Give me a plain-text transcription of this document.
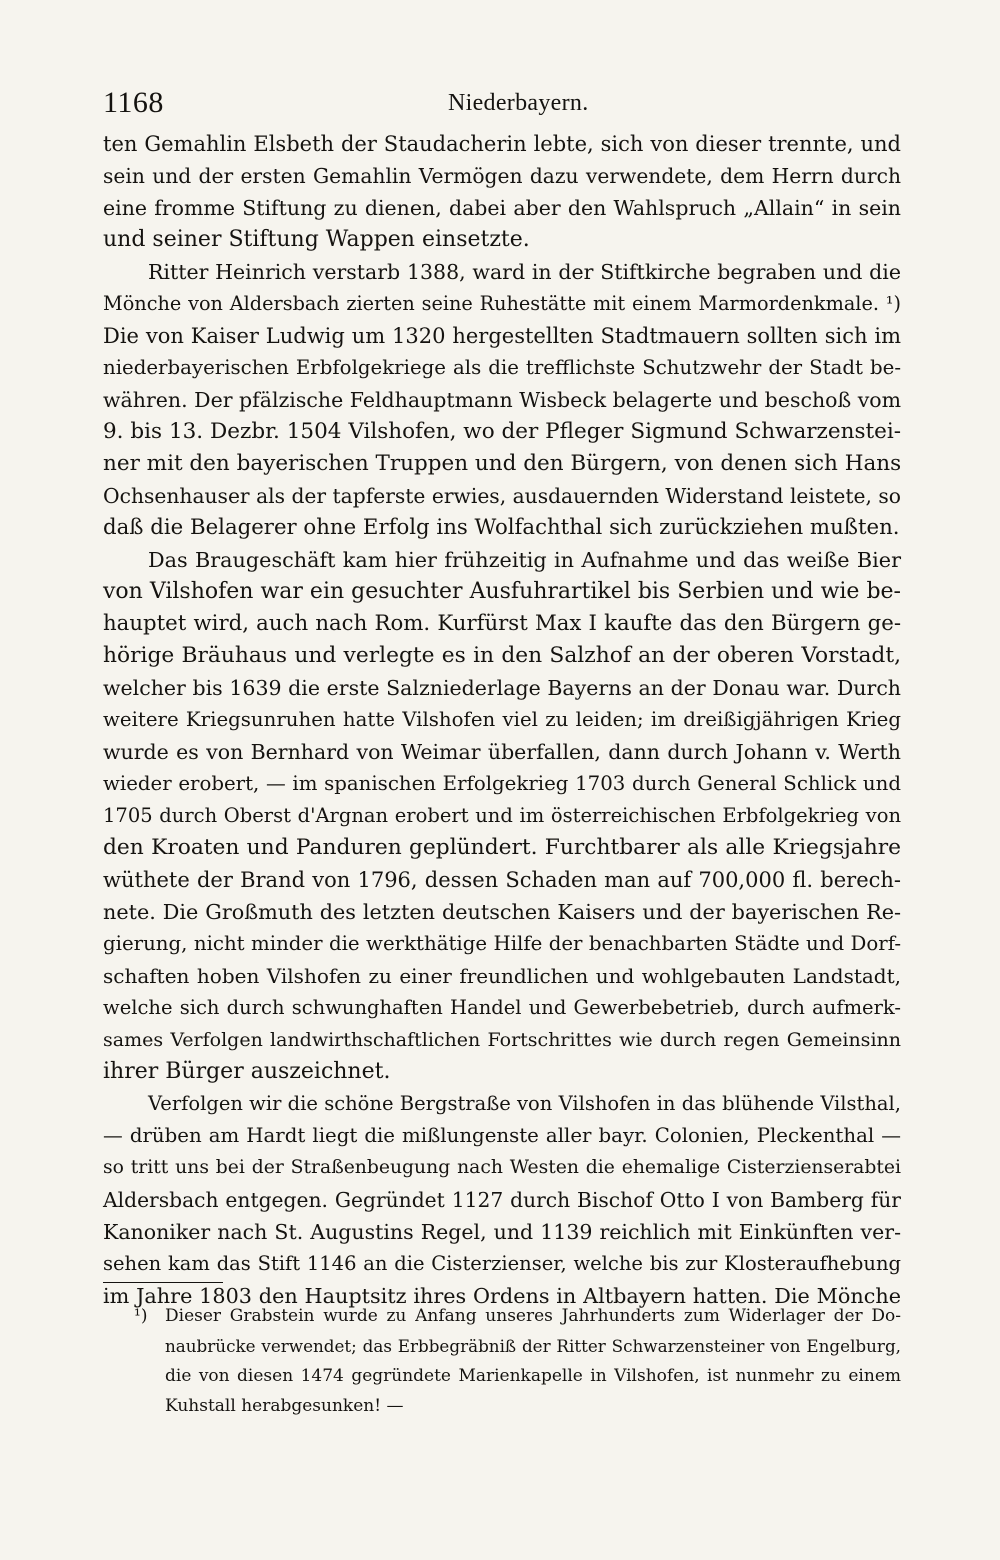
1168	Niederbayern.
ten Gemahlin Elsbeth der Staudacherin lebte, sich von dieser trennte, und
sein und der ersten Gemahlin Vermögen dazu verwendete, dem Herrn durch
eine fromme Stiftung zu dienen, dabei aber den Wahlspruch „Allain“ in sein
und seiner Stiftung Wappen einsetzte.
Ritter Heinrich verstarb 1388, ward in der Stiftkirche begraben und die
Mönche von Aldersbach zierten seine Ruhestätte mit einem Marmordenkmale. ¹)
Die von Kaiser Ludwig um 1320 hergestellten Stadtmauern sollten sich im
niederbayerischen Erbfolgekriege als die trefflichste Schutzwehr der Stadt be-
währen. Der pfälzische Feldhauptmann Wisbeck belagerte und beschoß vom
9. bis 13. Dezbr. 1504 Vilshofen, wo der Pfleger Sigmund Schwarzenstei-
ner mit den bayerischen Truppen und den Bürgern, von denen sich Hans
Ochsenhauser als der tapferste erwies, ausdauernden Widerstand leistete, so
daß die Belagerer ohne Erfolg ins Wolfachthal sich zurückziehen mußten.
Das Braugeschäft kam hier frühzeitig in Aufnahme und das weiße Bier
von Vilshofen war ein gesuchter Ausfuhrartikel bis Serbien und wie be-
hauptet wird, auch nach Rom. Kurfürst Max I kaufte das den Bürgern ge-
hörige Bräuhaus und verlegte es in den Salzhof an der oberen Vorstadt,
welcher bis 1639 die erste Salzniederlage Bayerns an der Donau war. Durch
weitere Kriegsunruhen hatte Vilshofen viel zu leiden; im dreißigjährigen Krieg
wurde es von Bernhard von Weimar überfallen, dann durch Johann v. Werth
wieder erobert, — im spanischen Erfolgekrieg 1703 durch General Schlick und
1705 durch Oberst d'Argnan erobert und im österreichischen Erbfolgekrieg von
den Kroaten und Panduren geplündert. Furchtbarer als alle Kriegsjahre
wüthete der Brand von 1796, dessen Schaden man auf 700,000 fl. berech-
nete. Die Großmuth des letzten deutschen Kaisers und der bayerischen Re-
gierung, nicht minder die werkthätige Hilfe der benachbarten Städte und Dorf-
schaften hoben Vilshofen zu einer freundlichen und wohlgebauten Landstadt,
welche sich durch schwunghaften Handel und Gewerbebetrieb, durch aufmerk-
sames Verfolgen landwirthschaftlichen Fortschrittes wie durch regen Gemeinsinn
ihrer Bürger auszeichnet.
Verfolgen wir die schöne Bergstraße von Vilshofen in das blühende Vilsthal,
— drüben am Hardt liegt die mißlungenste aller bayr. Colonien, Pleckenthal —
so tritt uns bei der Straßenbeugung nach Westen die ehemalige Cisterzienserabtei
Aldersbach entgegen. Gegründet 1127 durch Bischof Otto I von Bamberg für
Kanoniker nach St. Augustins Regel, und 1139 reichlich mit Einkünften ver-
sehen kam das Stift 1146 an die Cisterzienser, welche bis zur Klosteraufhebung
im Jahre 1803 den Hauptsitz ihres Ordens in Altbayern hatten. Die Mönche
¹) Dieser Grabstein wurde zu Anfang unseres Jahrhunderts zum Widerlager der Do-
naubrücke verwendet; das Erbbegräbniß der Ritter Schwarzensteiner von Engelburg,
die von diesen 1474 gegründete Marienkapelle in Vilshofen, ist nunmehr zu einem
Kuhstall herabgesunken! —
